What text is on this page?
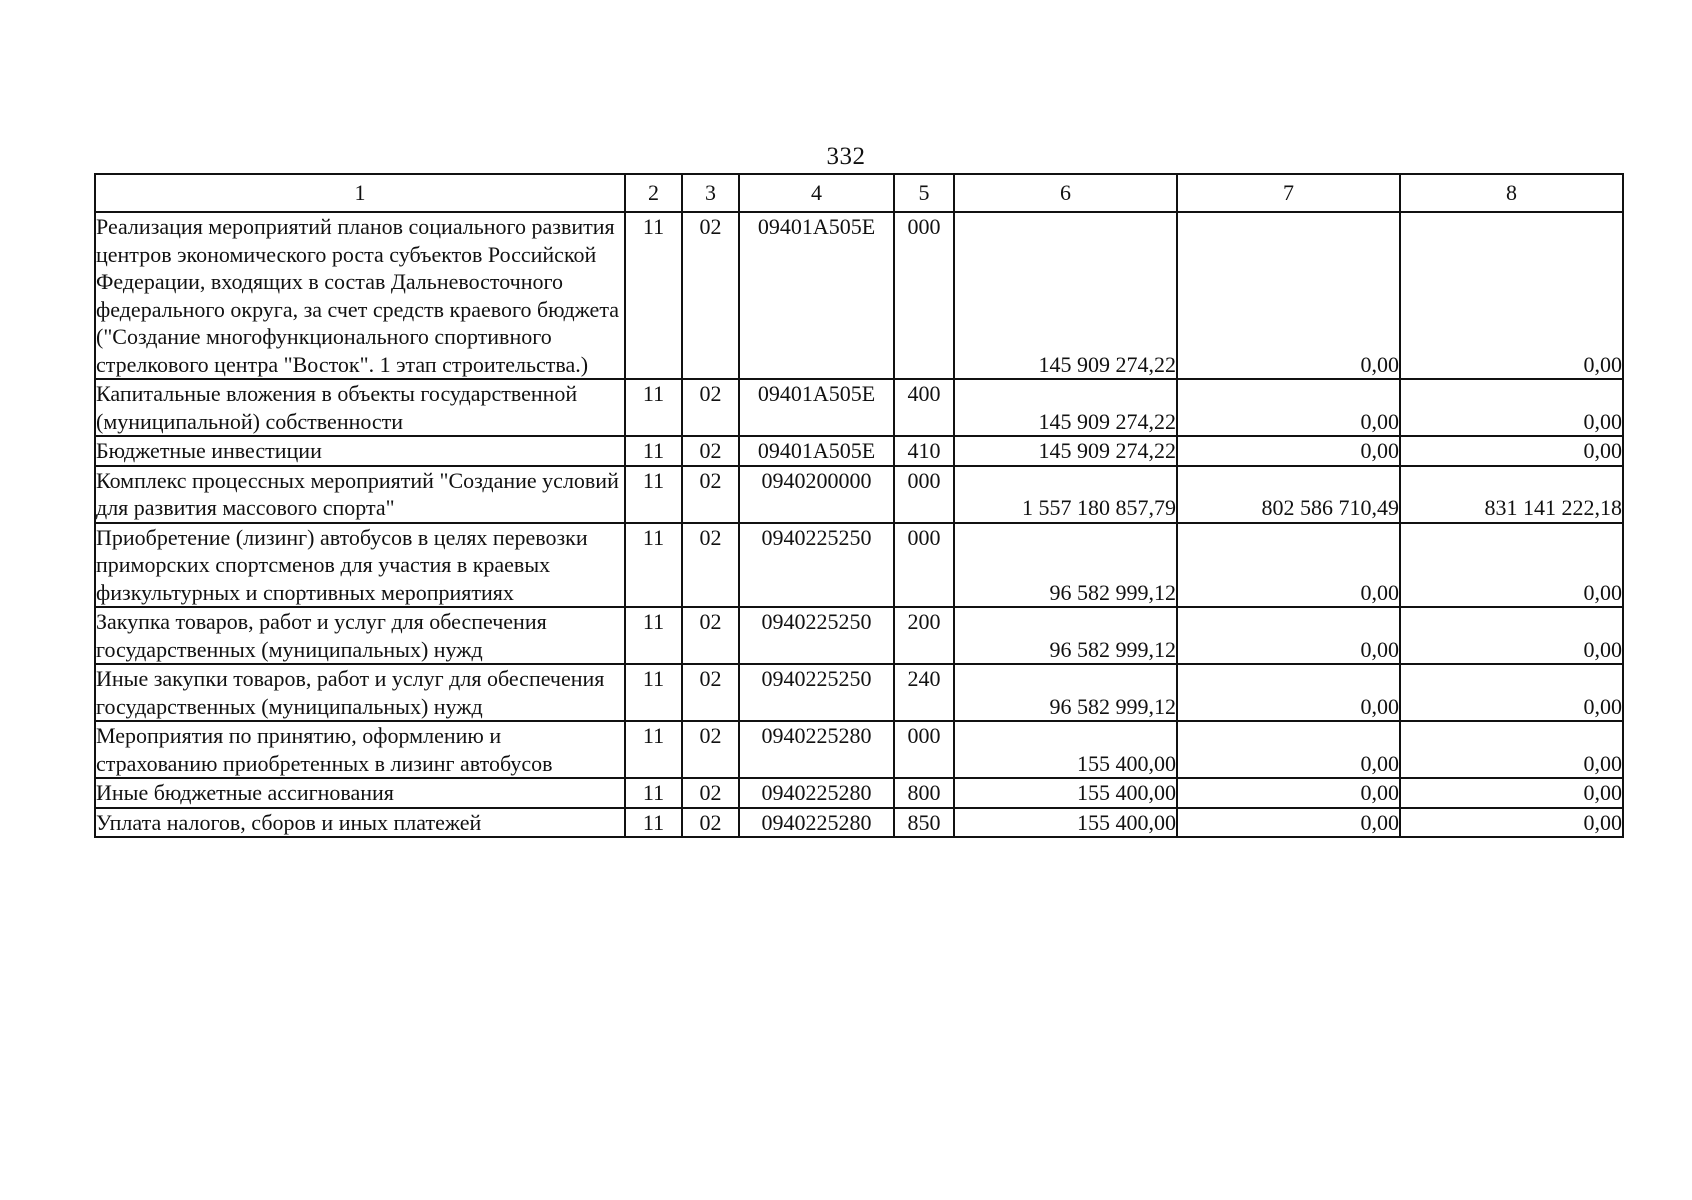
332
1	2	3	4	5	6	7	8
Реализация мероприятий планов социального развития центров экономического роста субъектов Российской Федерации, входящих в состав Дальневосточного федерального округа, за счет средств краевого бюджета ("Создание многофункционального спортивного стрелкового центра "Восток". 1 этап строительства.)	11	02	09401A505E	000	145 909 274,22	0,00	0,00
Капитальные вложения в объекты государственной (муниципальной) собственности	11	02	09401A505E	400	145 909 274,22	0,00	0,00
Бюджетные инвестиции	11	02	09401A505E	410	145 909 274,22	0,00	0,00
Комплекс процессных мероприятий "Создание условий для развития массового спорта"	11	02	0940200000	000	1 557 180 857,79	802 586 710,49	831 141 222,18
Приобретение (лизинг) автобусов в целях перевозки приморских спортсменов для участия в краевых физкультурных и спортивных мероприятиях	11	02	0940225250	000	96 582 999,12	0,00	0,00
Закупка товаров, работ и услуг для обеспечения государственных (муниципальных) нужд	11	02	0940225250	200	96 582 999,12	0,00	0,00
Иные закупки товаров, работ и услуг для обеспечения государственных (муниципальных) нужд	11	02	0940225250	240	96 582 999,12	0,00	0,00
Мероприятия по принятию, оформлению и страхованию приобретенных в лизинг автобусов	11	02	0940225280	000	155 400,00	0,00	0,00
Иные бюджетные ассигнования	11	02	0940225280	800	155 400,00	0,00	0,00
Уплата налогов, сборов и иных платежей	11	02	0940225280	850	155 400,00	0,00	0,00
